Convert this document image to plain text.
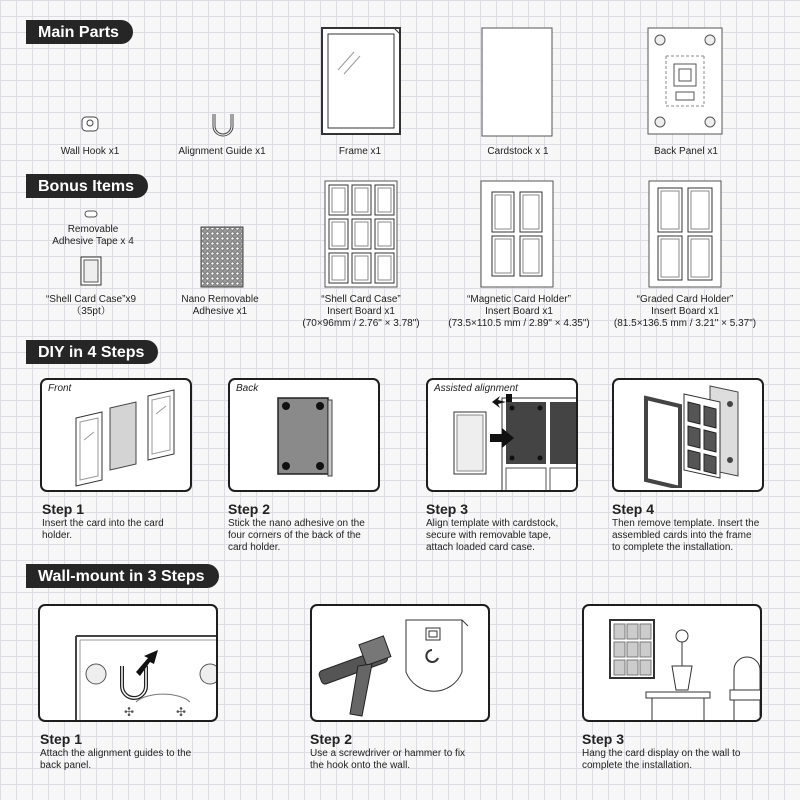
Main Parts
Wall Hook x1	Alignment Guide x1	Frame x1	Cardstock x 1	Back Panel x1
Bonus Items
Removable
Adhesive Tape x 4
“Shell Card Case”x9
（35pt）
Nano Removable
Adhesive x1
“Shell Card Case”
Insert Board x1
(70×96mm / 2.76" × 3.78")
“Magnetic Card Holder”
Insert Board x1
(73.5×110.5 mm / 2.89" × 4.35")
“Graded Card Holder”
Insert Board x1
(81.5×136.5 mm / 3.21" × 5.37")
DIY in 4 Steps
Front
Step 1
Insert the card into the card
holder.
Back
Step 2
Stick the nano adhesive on the
four corners of the back of the
card holder.
Assisted alignment
Step 3
Align template with cardstock,
secure with removable tape,
attach loaded card case.
Step 4
Then remove template. Insert the
assembled cards into the frame
to complete the installation.
Wall-mount in 3 Steps
✣	✣
Step 1
Attach the alignment guides to the
back panel.
Step 2
Use a screwdriver or hammer to fix
the hook onto the wall.
Step 3
Hang the card display on the wall to
complete the installation.
